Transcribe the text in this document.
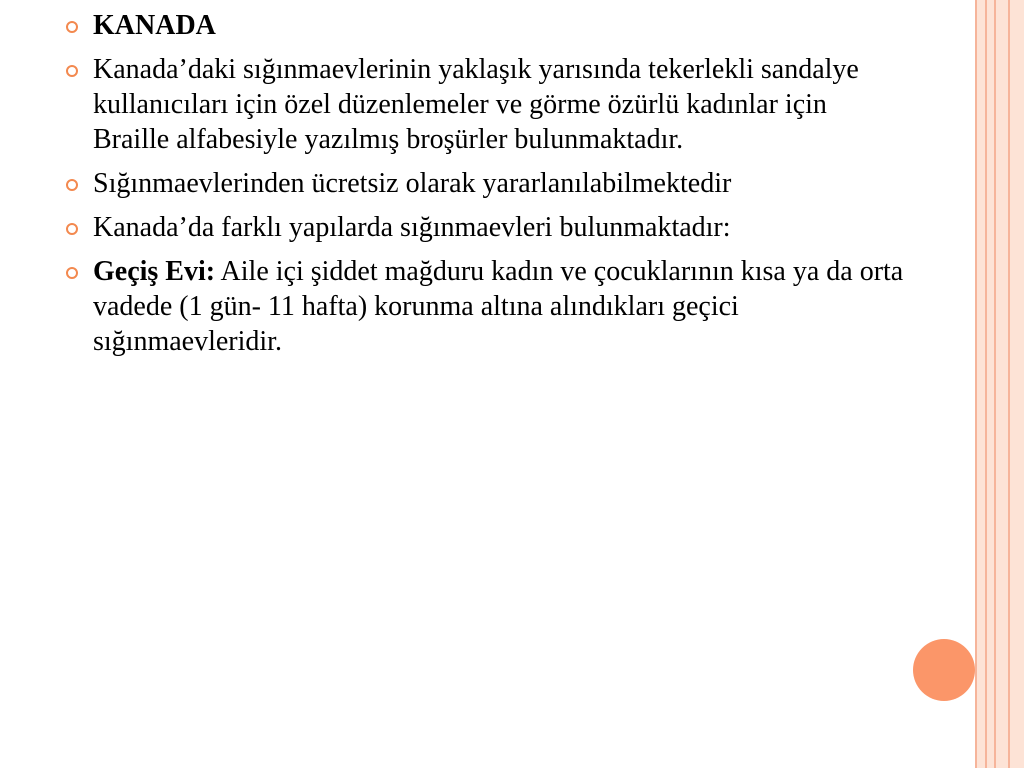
KANADA
Kanada’daki sığınmaevlerinin yaklaşık yarısında tekerlekli sandalye kullanıcıları için özel düzenlemeler ve görme özürlü kadınlar için Braille alfabesiyle yazılmış broşürler bulunmaktadır.
Sığınmaevlerinden ücretsiz olarak yararlanılabilmektedir
Kanada’da farklı yapılarda sığınmaevleri bulunmaktadır:
Geçiş Evi: Aile içi şiddet mağduru kadın ve çocuklarının kısa ya da orta vadede (1 gün- 11 hafta) korunma altına alındıkları geçici sığınmaevleridir.
